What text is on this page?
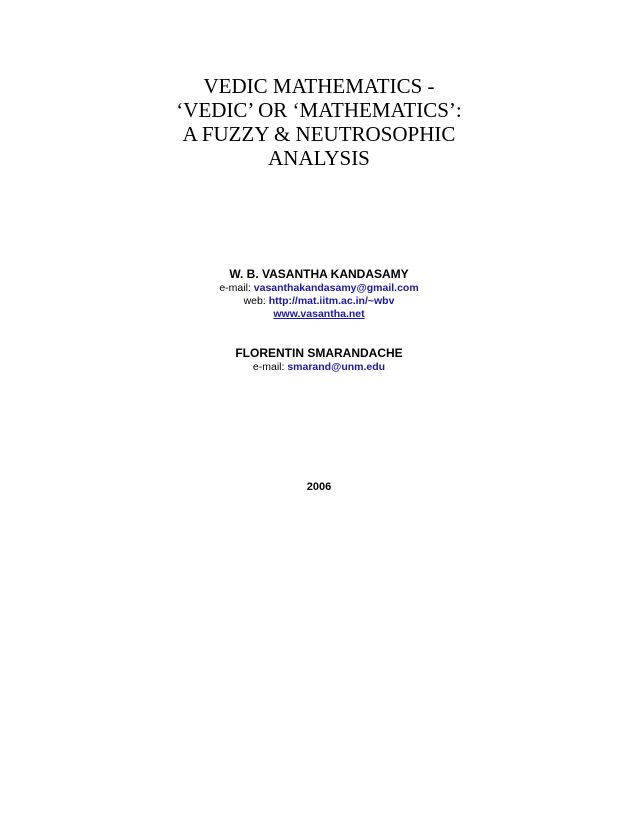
VEDIC MATHEMATICS -
‘VEDIC’ OR ‘MATHEMATICS’:
A FUZZY & NEUTROSOPHIC
ANALYSIS
W. B. VASANTHA KANDASAMY
e-mail: vasanthakandasamy@gmail.com
web: http://mat.iitm.ac.in/~wbv
www.vasantha.net
FLORENTIN SMARANDACHE
e-mail: smarand@unm.edu
2006
